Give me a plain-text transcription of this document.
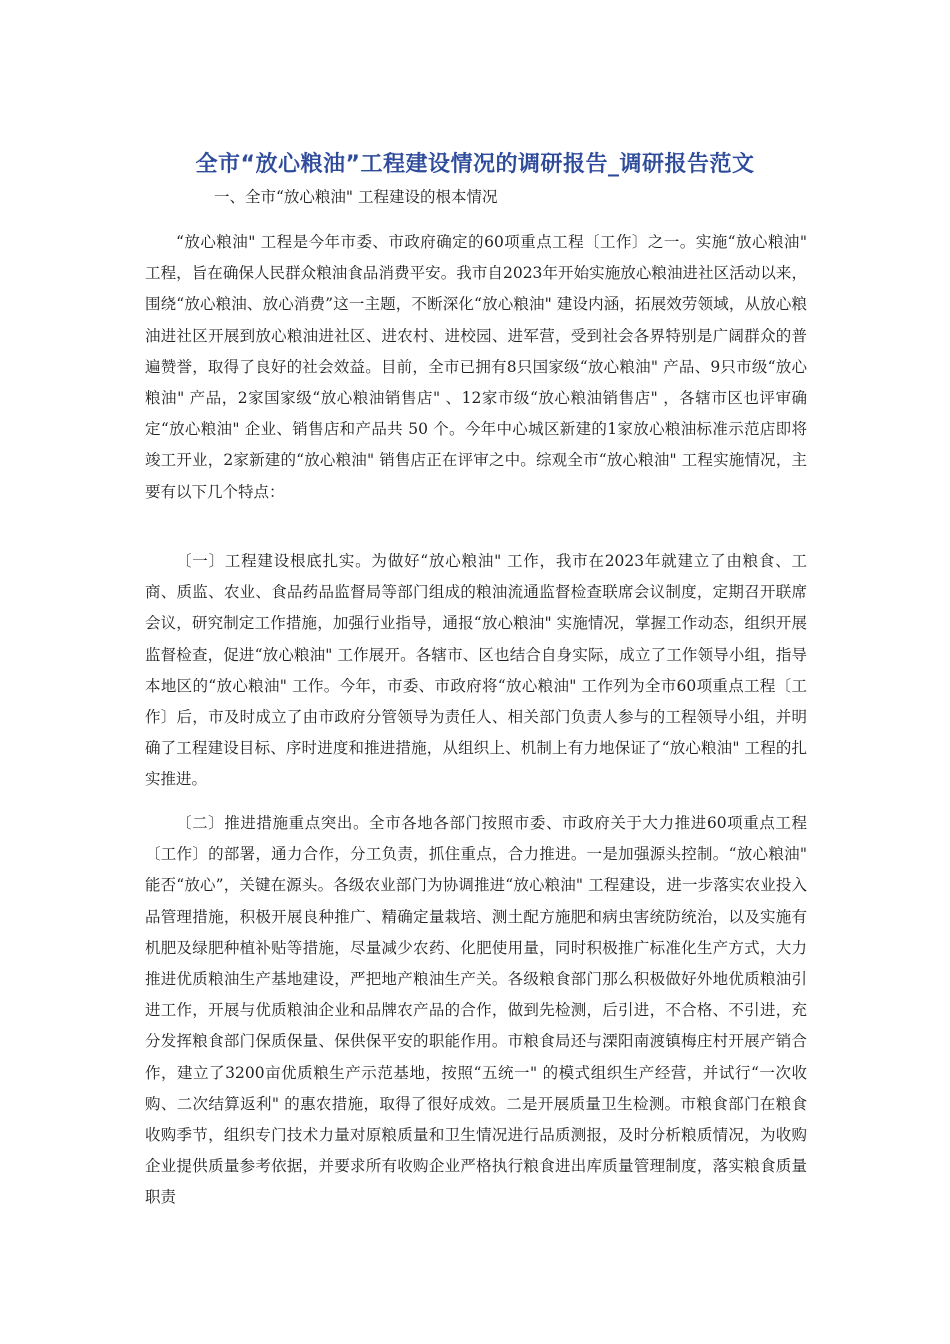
全市“放心粮油”工程建设情况的调研报告_调研报告范文
一、全市“放心粮油" 工程建设的根本情况

“放心粮油" 工程是今年市委、市政府确定的60项重点工程〔工作〕之一。实施“放心粮油" 工程，旨在确保人民群众粮油食品消费平安。我市自2023年开始实施放心粮油进社区活动以来，围绕“放心粮油、放心消费”这一主题，不断深化“放心粮油" 建设内涵，拓展效劳领域，从放心粮油进社区开展到放心粮油进社区、进农村、进校园、进军营，受到社会各界特别是广阔群众的普遍赞誉，取得了良好的社会效益。目前，全市已拥有8只国家级“放心粮油" 产品、9只市级“放心粮油" 产品，2家国家级“放心粮油销售店" 、12家市级“放心粮油销售店" ，各辖市区也评审确定“放心粮油" 企业、销售店和产品共 50 个。今年中心城区新建的1家放心粮油标准示范店即将竣工开业，2家新建的“放心粮油" 销售店正在评审之中。综观全市“放心粮油" 工程实施情况，主要有以下几个特点：

〔一〕工程建设根底扎实。为做好“放心粮油" 工作，我市在2023年就建立了由粮食、工商、质监、农业、食品药品监督局等部门组成的粮油流通监督检查联席会议制度，定期召开联席会议，研究制定工作措施，加强行业指导，通报“放心粮油" 实施情况，掌握工作动态，组织开展监督检查，促进“放心粮油" 工作展开。各辖市、区也结合自身实际，成立了工作领导小组，指导本地区的“放心粮油" 工作。今年，市委、市政府将“放心粮油" 工作列为全市60项重点工程〔工作〕后，市及时成立了由市政府分管领导为责任人、相关部门负责人参与的工程领导小组，并明确了工程建设目标、序时进度和推进措施，从组织上、机制上有力地保证了“放心粮油" 工程的扎实推进。

〔二〕推进措施重点突出。全市各地各部门按照市委、市政府关于大力推进60项重点工程〔工作〕的部署，通力合作，分工负责，抓住重点，合力推进。一是加强源头控制。“放心粮油" 能否“放心”，关键在源头。各级农业部门为协调推进“放心粮油" 工程建设，进一步落实农业投入品管理措施，积极开展良种推广、精确定量栽培、测土配方施肥和病虫害统防统治，以及实施有机肥及绿肥种植补贴等措施，尽量减少农药、化肥使用量，同时积极推广标准化生产方式，大力推进优质粮油生产基地建设，严把地产粮油生产关。各级粮食部门那么积极做好外地优质粮油引进工作，开展与优质粮油企业和品牌农产品的合作，做到先检测，后引进，不合格、不引进，充分发挥粮食部门保质保量、保供保平安的职能作用。市粮食局还与溧阳南渡镇梅庄村开展产销合作，建立了3200亩优质粮生产示范基地，按照“五统一" 的模式组织生产经营，并试行“一次收购、二次结算返利" 的惠农措施，取得了很好成效。二是开展质量卫生检测。市粮食部门在粮食收购季节，组织专门技术力量对原粮质量和卫生情况进行品质测报，及时分析粮质情况，为收购企业提供质量参考依据，并要求所有收购企业严格执行粮食进出库质量管理制度，落实粮食质量职责
